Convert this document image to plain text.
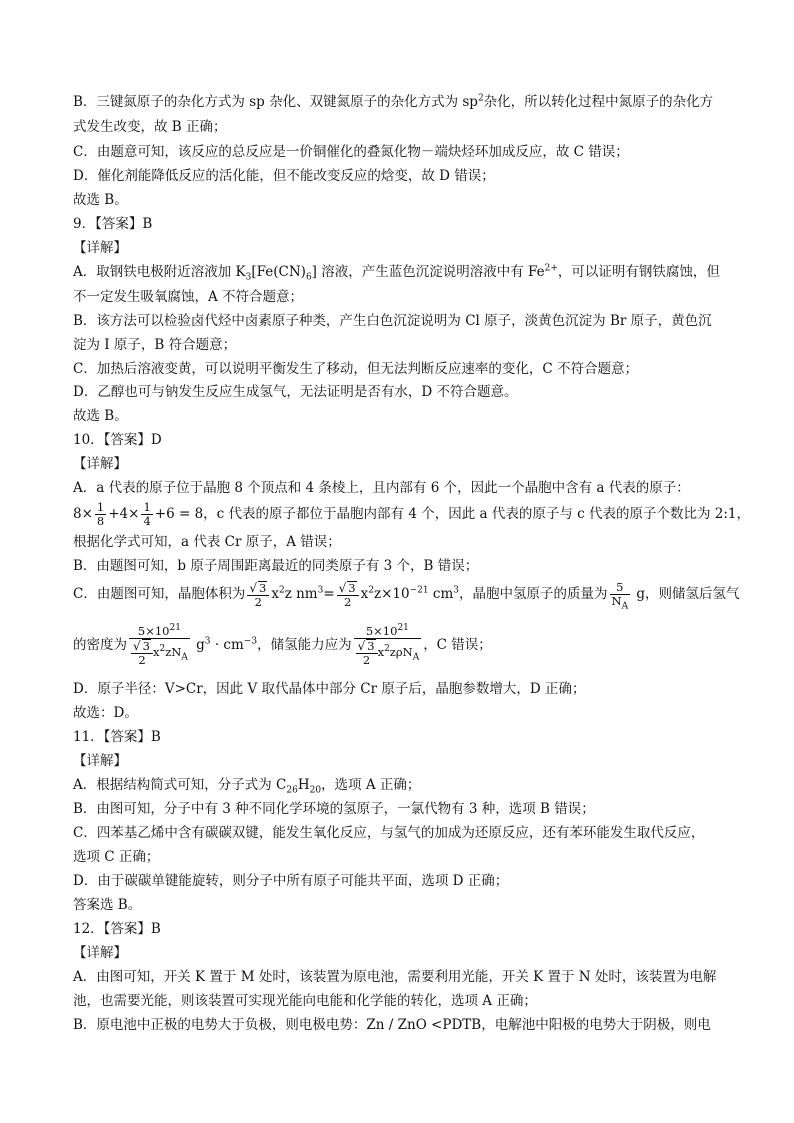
B．三键氮原子的杂化方式为 sp 杂化、双键氮原子的杂化方式为 $sp^2$杂化，所以转化过程中氮原子的杂化方
式发生改变，故 B 正确；
C．由题意可知，该反应的总反应是一价铜催化的叠氮化物－端炔烃环加成反应，故 C 错误；
D．催化剂能降低反应的活化能，但不能改变反应的焓变，故 D 错误；
故选 B。
9．【答案】B
【详解】
A．取钢铁电极附近溶液加 $K_3[Fe(CN)_6]$ 溶液，产生蓝色沉淀说明溶液中有 $Fe^{2+}$，可以证明有钢铁腐蚀，但
不一定发生吸氧腐蚀，A 不符合题意；
B．该方法可以检验卤代烃中卤素原子种类，产生白色沉淀说明为 Cl 原子，淡黄色沉淀为 Br 原子，黄色沉
淀为 I 原子，B 符合题意；
C．加热后溶液变黄，可以说明平衡发生了移动，但无法判断反应速率的变化，C 不符合题意；
D．乙醇也可与钠发生反应生成氢气，无法证明是否有水，D 不符合题意。
故选 B。
10．【答案】D
【详解】
A．a 代表的原子位于晶胞 8 个顶点和 4 条棱上，且内部有 6 个，因此一个晶胞中含有 a 代表的原子：
$8\times \frac{1}{8} +4\times \frac{1}{4} +6 = 8$，c 代表的原子都位于晶胞内部有 4 个，因此 a 代表的原子与 c 代表的原子个数比为 2:1，
根据化学式可知，a 代表 Cr 原子，A 错误；
B．由题图可知，b 原子周围距离最近的同类原子有 3 个，B 错误；
C．由题图可知，晶胞体积为 $\frac{√ 3}{2} x^2z$ $nm^3= \frac{√ 3}{2} x^2z\times 10^{-21}$ $cm^3$，晶胞中氢原子的质量为 $\frac{5}{N_A}$ g，则储氢后氢气
的密度为 $\frac{5\times 10^{21}}{\frac{√ 3}{2} x^2zN_A} g^3 \cdot cm^{-3}$，储氢能力应为 $\frac{5\times 10^{21}}{\frac{√ 3}{2} x^2z\rho N_A}$ ，C 错误；
D．原子半径：V>Cr，因此 V 取代晶体中部分 Cr 原子后，晶胞参数增大，D 正确；
故选：D。
11．【答案】B
【详解】
A．根据结构简式可知，分子式为 $C_{26}H_{20}$，选项 A 正确；
B．由图可知，分子中有 3 种不同化学环境的氢原子，一氯代物有 3 种，选项 B 错误；
C．四苯基乙烯中含有碳碳双键，能发生氧化反应，与氢气的加成为还原反应，还有苯环能发生取代反应，
选项 C 正确；
D．由于碳碳单键能旋转，则分子中所有原子可能共平面，选项 D 正确；
答案选 B。
12．【答案】B
【详解】
A．由图可知，开关 K 置于 M 处时，该装置为原电池，需要利用光能，开关 K 置于 N 处时，该装置为电解
池，也需要光能，则该装置可实现光能向电能和化学能的转化，选项 A 正确；
B．原电池中正极的电势大于负极，则电极电势：Zn / ZnO <PDTB，电解池中阳极的电势大于阴极，则电
